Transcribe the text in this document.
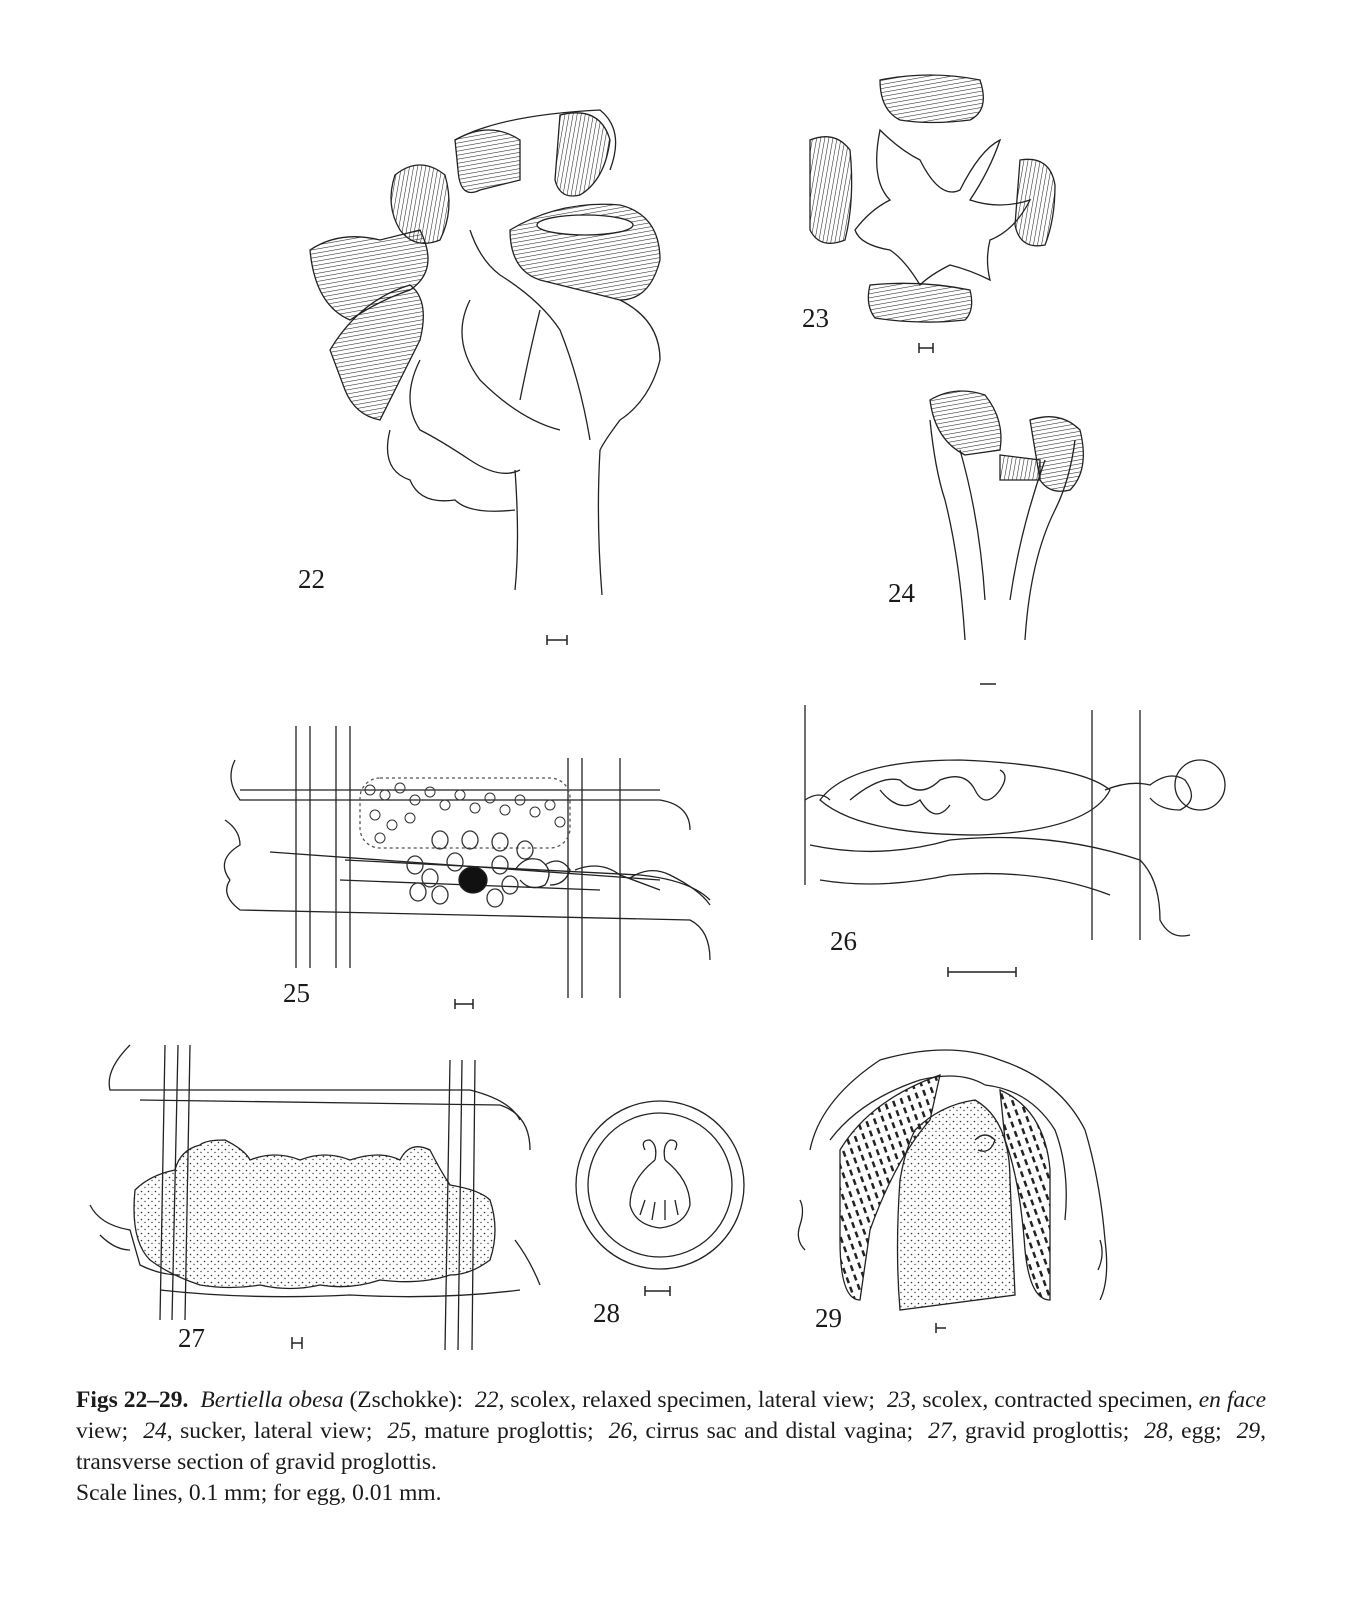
22
23
24
25
26
27
28	29
Figs 22–29. Bertiella obesa (Zschokke): 22, scolex, relaxed specimen, lateral view; 23, scolex, contracted specimen, en face view; 24, sucker, lateral view; 25, mature proglottis; 26, cirrus sac and distal vagina; 27, gravid proglottis; 28, egg; 29, transverse section of gravid proglottis.
Scale lines, 0.1 mm; for egg, 0.01 mm.
